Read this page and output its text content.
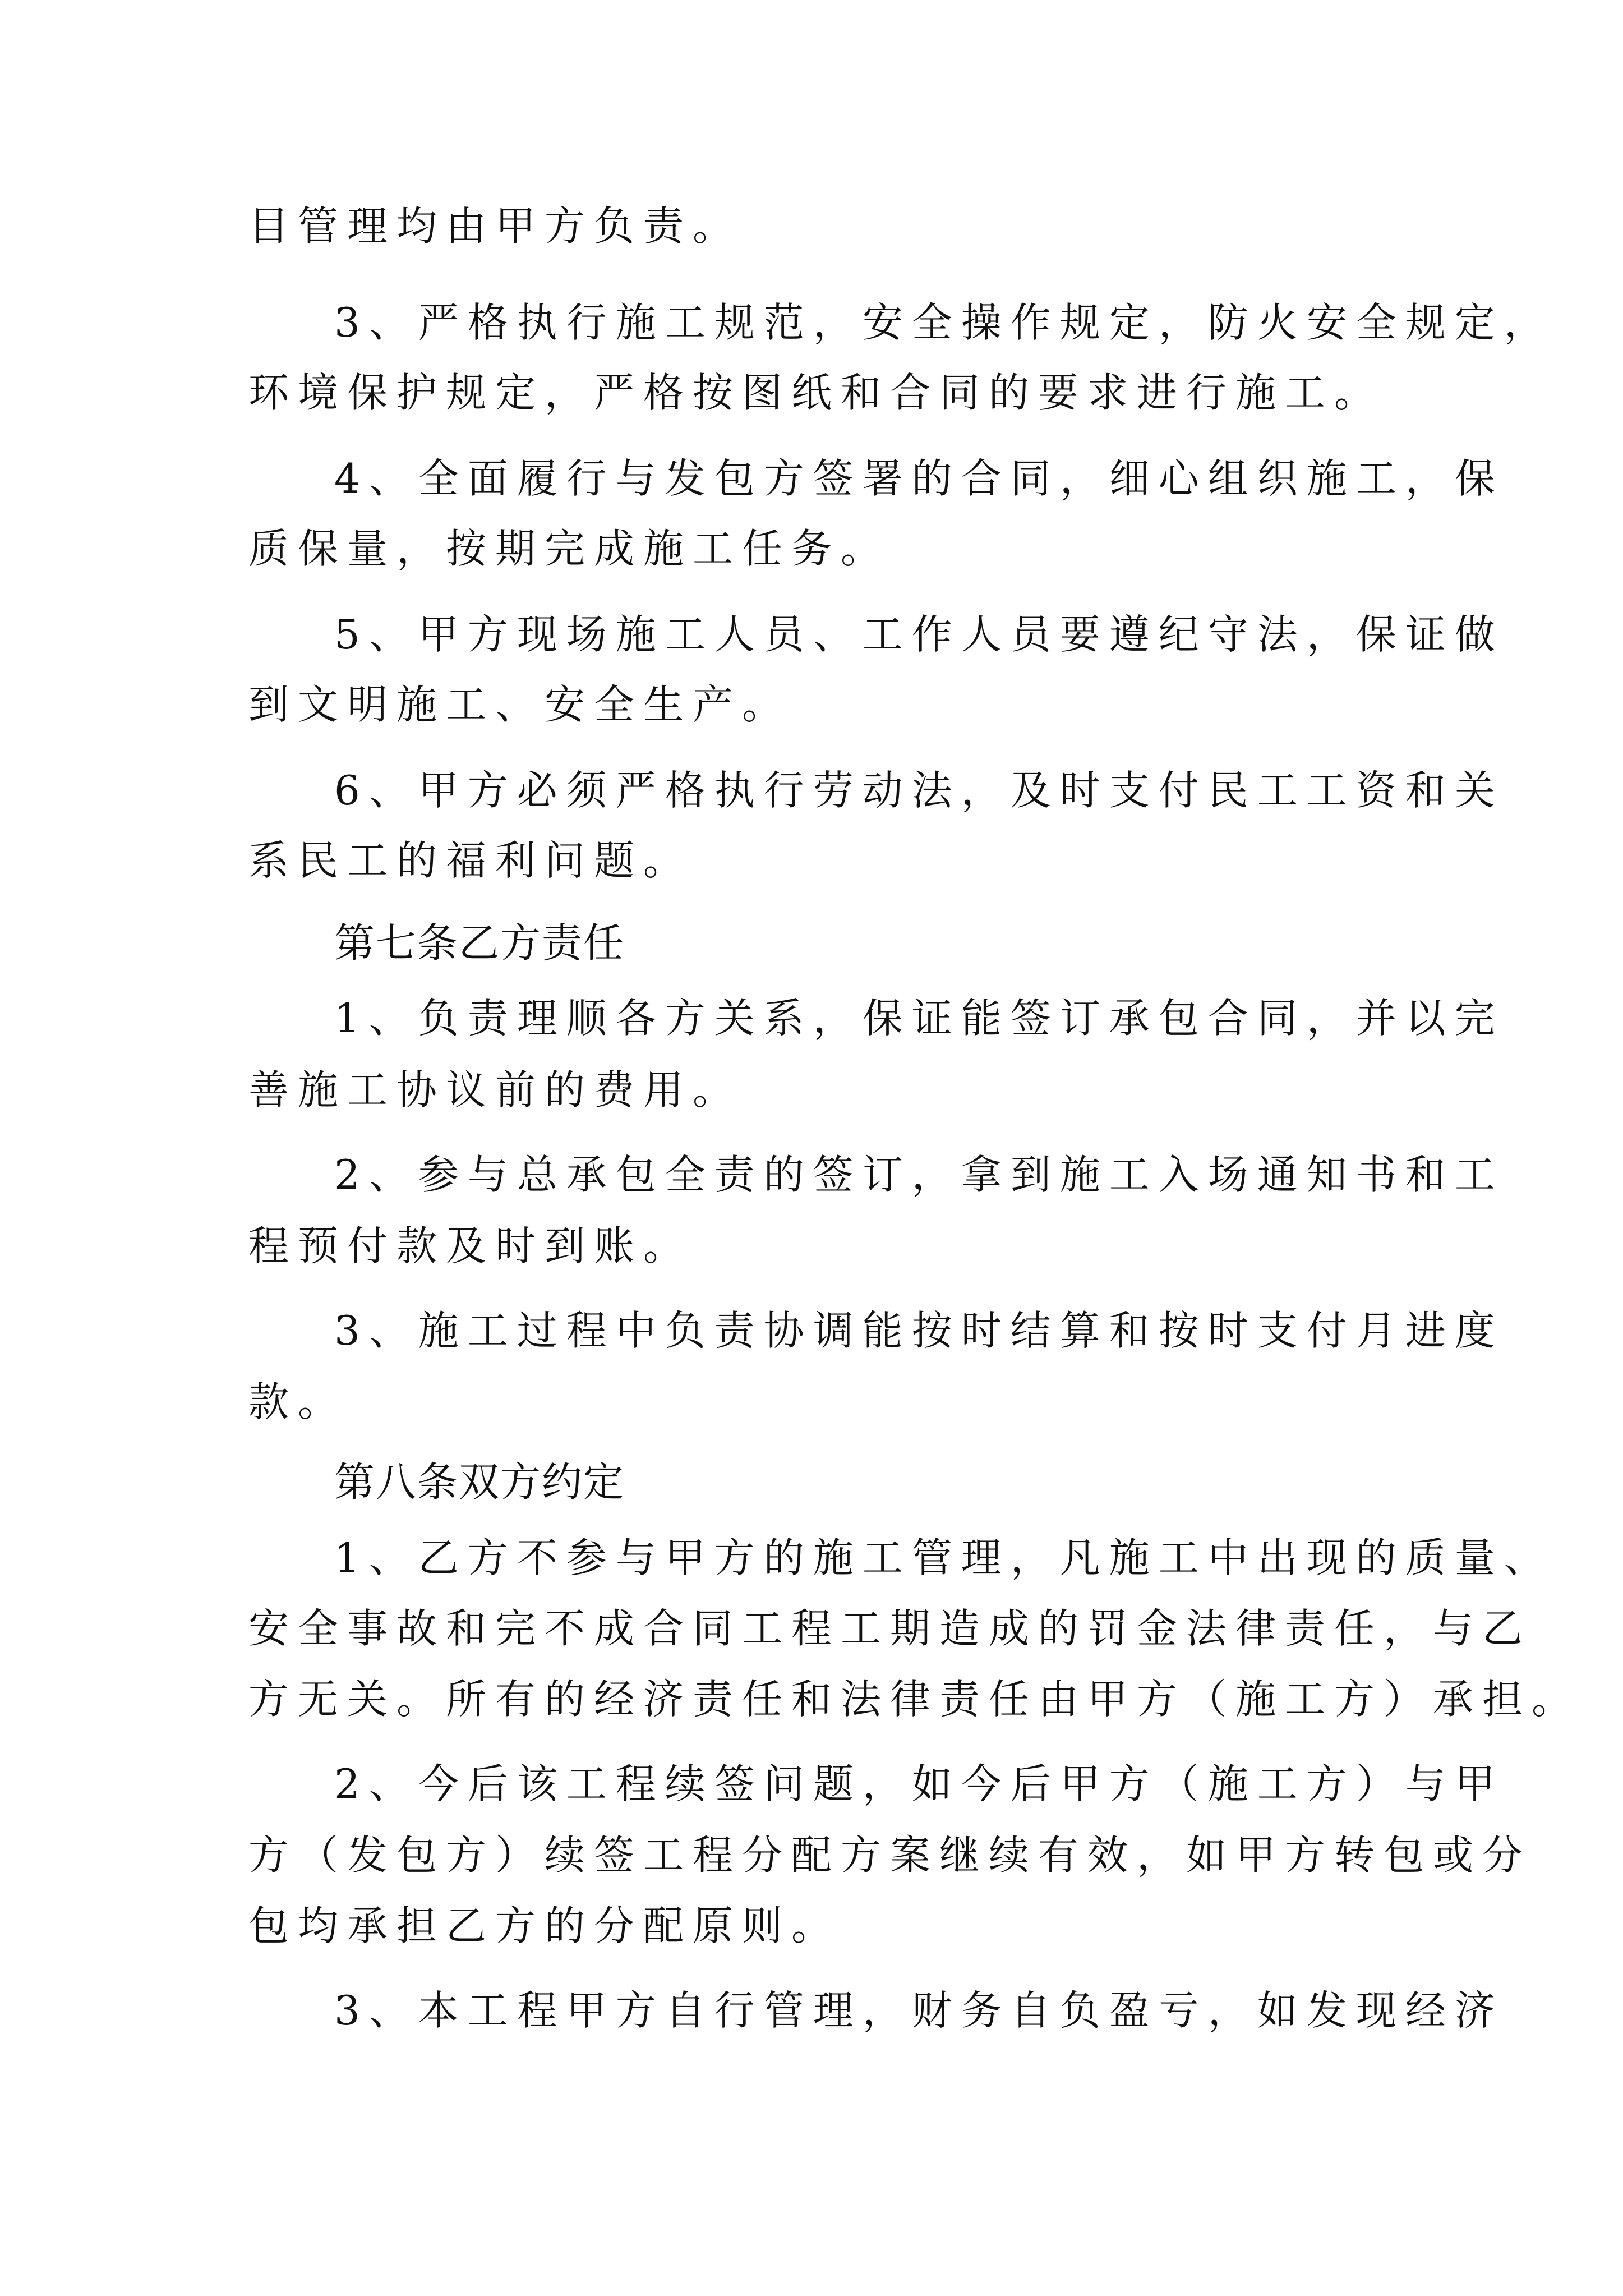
目管理均由甲方负责。
3、严格执行施工规范，安全操作规定，防火安全规定，
环境保护规定，严格按图纸和合同的要求进行施工。
4、全面履行与发包方签署的合同，细心组织施工，保
质保量，按期完成施工任务。
5、甲方现场施工人员、工作人员要遵纪守法，保证做
到文明施工、安全生产。
6、甲方必须严格执行劳动法，及时支付民工工资和关
系民工的福利问题。
第七条乙方责任
1、负责理顺各方关系，保证能签订承包合同，并以完
善施工协议前的费用。
2、参与总承包全责的签订，拿到施工入场通知书和工
程预付款及时到账。
3、施工过程中负责协调能按时结算和按时支付月进度
款。
第八条双方约定
1、乙方不参与甲方的施工管理，凡施工中出现的质量、
安全事故和完不成合同工程工期造成的罚金法律责任，与乙
方无关。所有的经济责任和法律责任由甲方（施工方）承担。
2、今后该工程续签问题，如今后甲方（施工方）与甲
方（发包方）续签工程分配方案继续有效，如甲方转包或分
包均承担乙方的分配原则。
3、本工程甲方自行管理，财务自负盈亏，如发现经济
